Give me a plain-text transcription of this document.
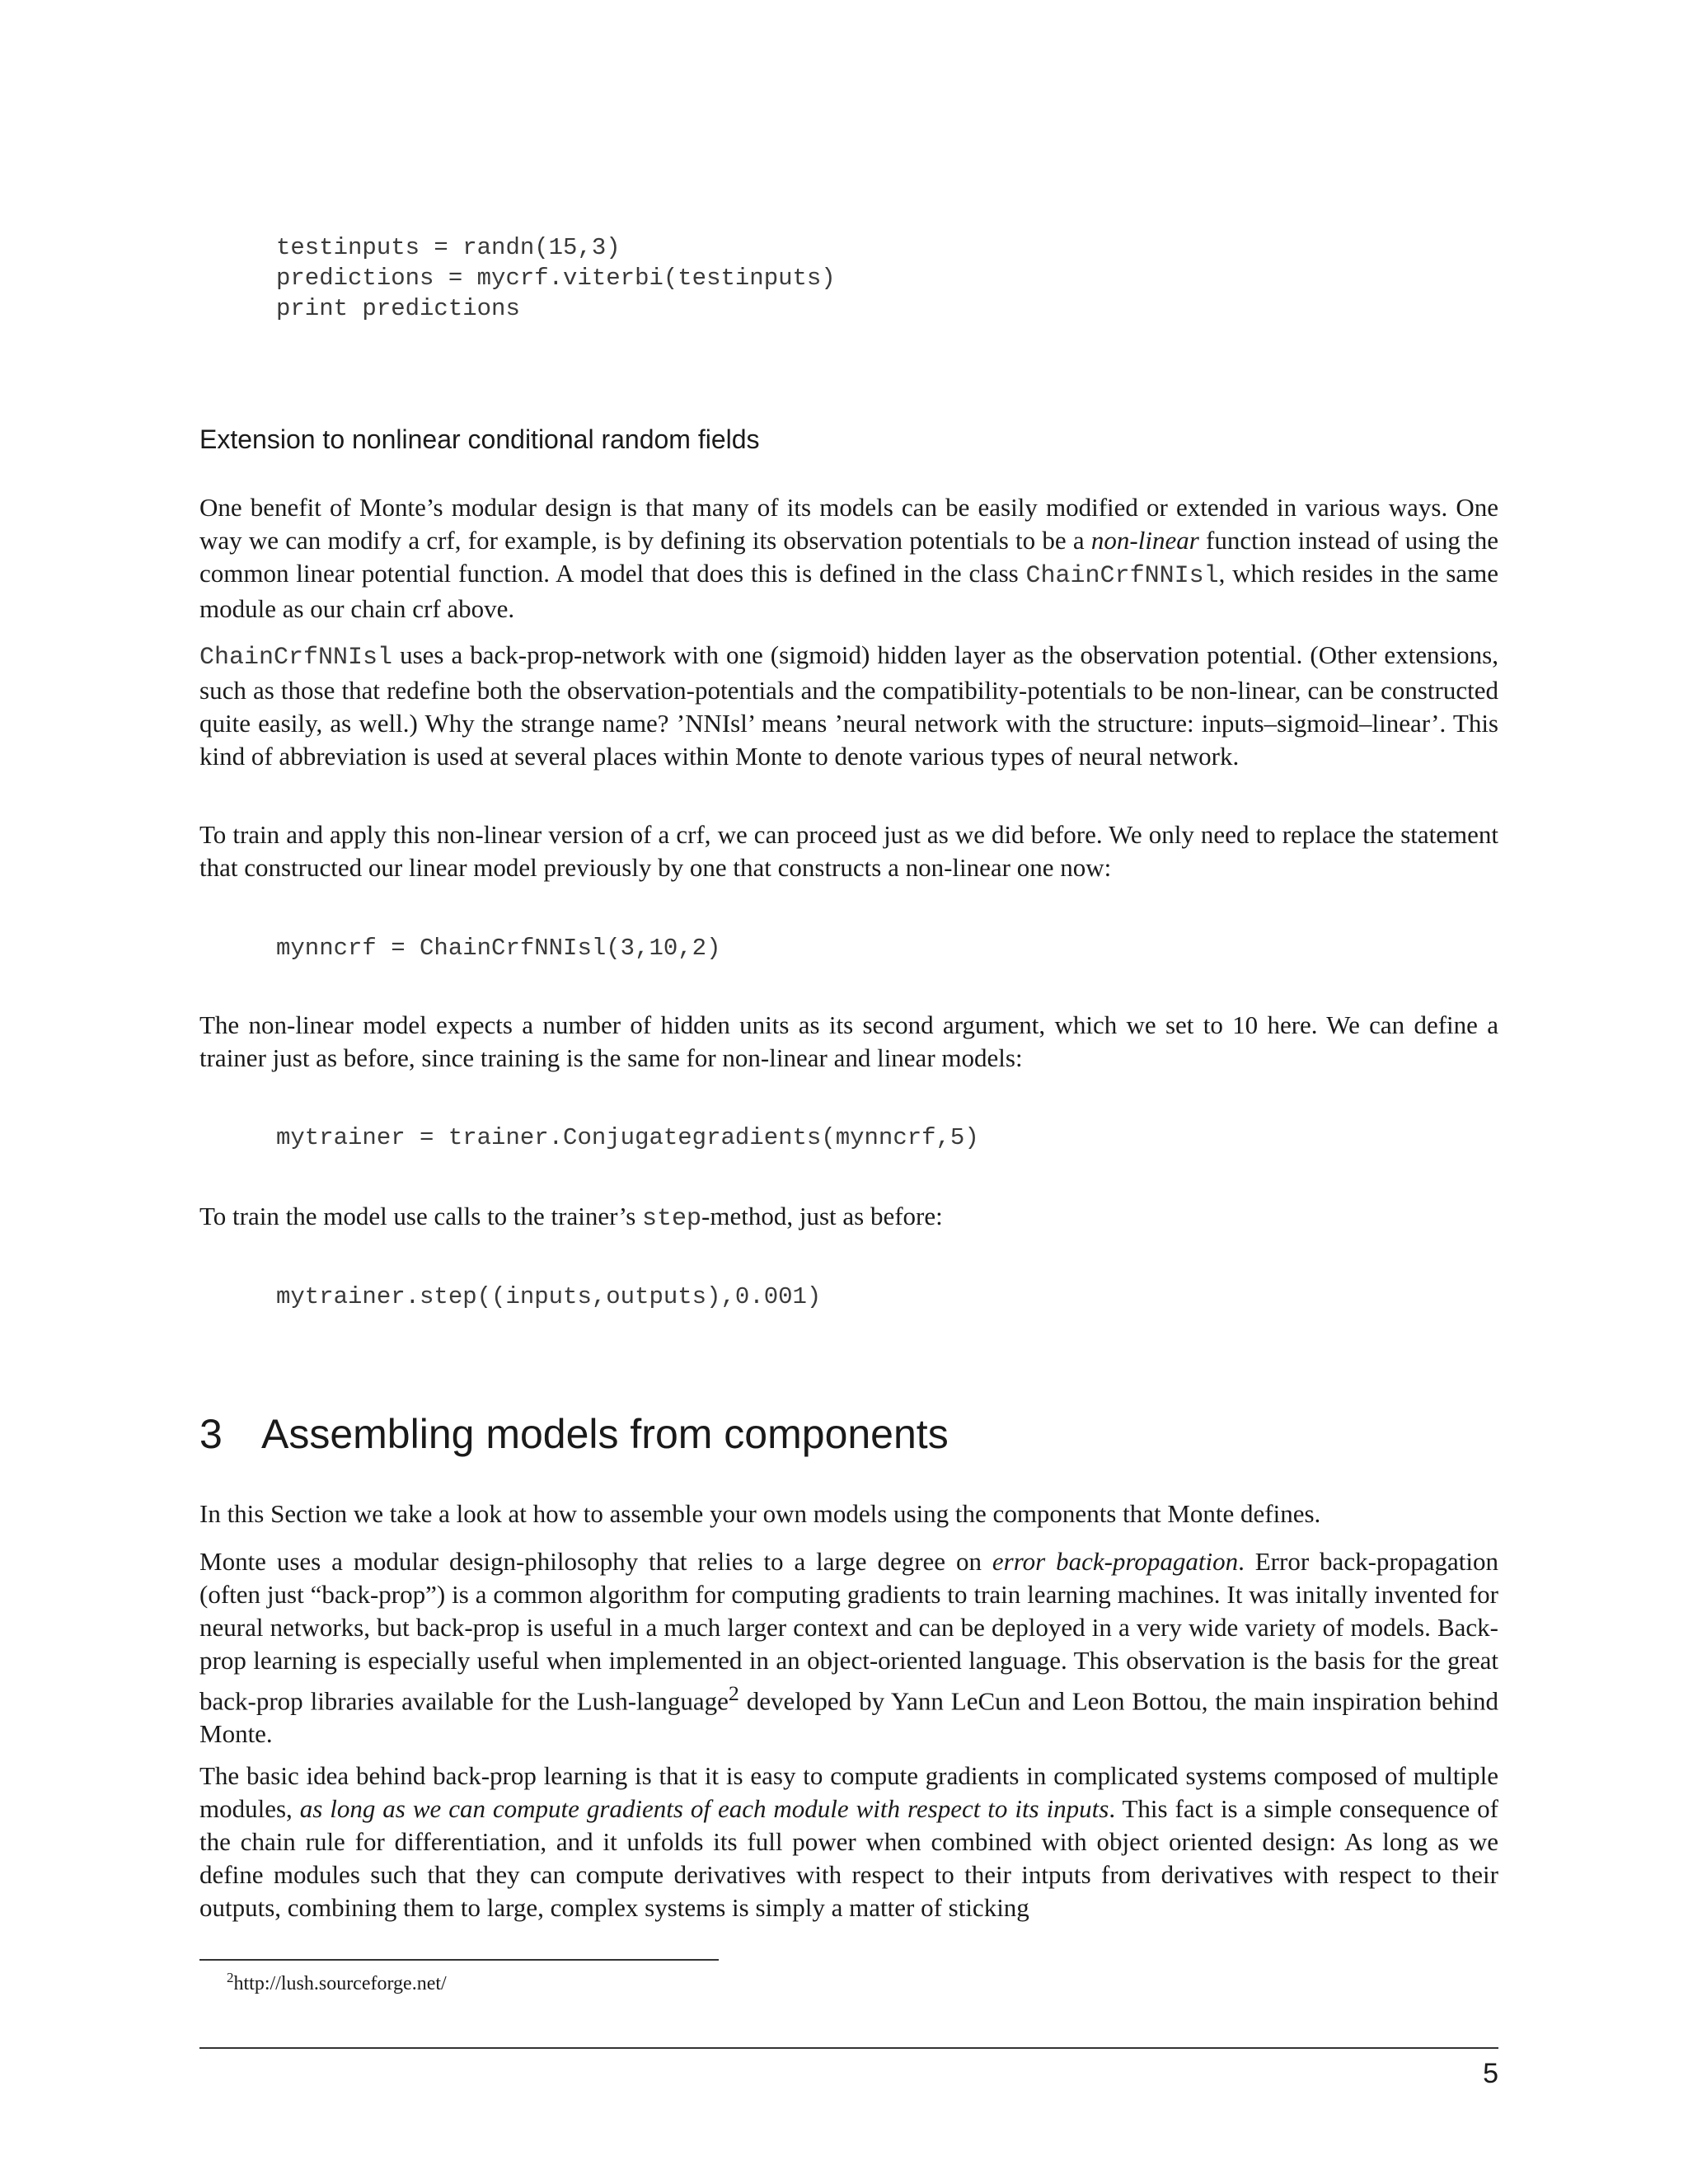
testinputs = randn(15,3)
predictions = mycrf.viterbi(testinputs)
print predictions
Extension to nonlinear conditional random fields

One benefit of Monte’s modular design is that many of its models can be easily modified or extended in various ways. One way we can modify a crf, for example, is by defining its observation potentials to be a non-linear function instead of using the common linear potential function. A model that does this is defined in the class ChainCrfNNIsl, which resides in the same module as our chain crf above.

ChainCrfNNIsl uses a back-prop-network with one (sigmoid) hidden layer as the observation potential. (Other extensions, such as those that redefine both the observation-potentials and the compatibility-potentials to be non-linear, can be constructed quite easily, as well.) Why the strange name? ’NNIsl’ means ’neural network with the structure: inputs–sigmoid–linear’. This kind of abbreviation is used at several places within Monte to denote various types of neural network.

To train and apply this non-linear version of a crf, we can proceed just as we did before. We only need to replace the statement that constructed our linear model previously by one that constructs a non-linear one now:

mynncrf = ChainCrfNNIsl(3,10,2)

The non-linear model expects a number of hidden units as its second argument, which we set to 10 here. We can define a trainer just as before, since training is the same for non-linear and linear models:

mytrainer = trainer.Conjugategradients(mynncrf,5)

To train the model use calls to the trainer’s step-method, just as before:

mytrainer.step((inputs,outputs),0.001)
3 Assembling models from components

In this Section we take a look at how to assemble your own models using the components that Monte defines.

Monte uses a modular design-philosophy that relies to a large degree on error back-propagation. Error back-propagation (often just “back-prop”) is a common algorithm for computing gradients to train learning machines. It was initally invented for neural networks, but back-prop is useful in a much larger context and can be deployed in a very wide variety of models. Back-prop learning is especially useful when implemented in an object-oriented language. This observation is the basis for the great back-prop libraries available for the Lush-language$^2$ developed by Yann LeCun and Leon Bottou, the main inspiration behind Monte.

The basic idea behind back-prop learning is that it is easy to compute gradients in complicated systems composed of multiple modules, as long as we can compute gradients of each module with respect to its inputs. This fact is a simple consequence of the chain rule for differentiation, and it unfolds its full power when combined with object oriented design: As long as we define modules such that they can compute derivatives with respect to their intputs from derivatives with respect to their outputs, combining them to large, complex systems is simply a matter of sticking

$^2$http://lush.sourceforge.net/

5
